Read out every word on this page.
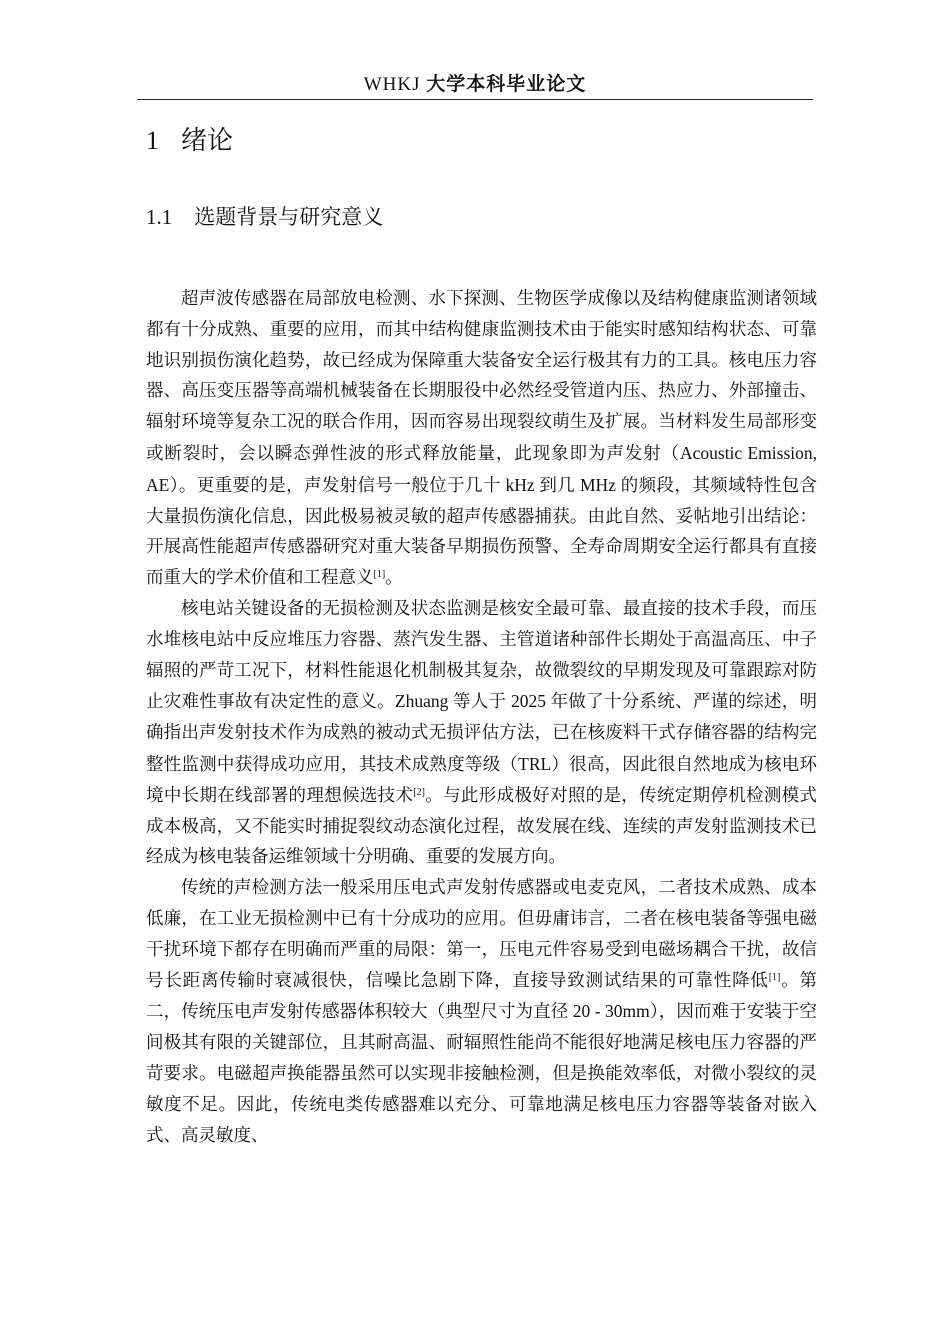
WHKJ 大学本科毕业论文
1 绪论
1.1 选题背景与研究意义

超声波传感器在局部放电检测、水下探测、生物医学成像以及结构健康监测诸领域都有十分成熟、重要的应用，而其中结构健康监测技术由于能实时感知结构状态、可靠地识别损伤演化趋势，故已经成为保障重大装备安全运行极其有力的工具。核电压力容器、高压变压器等高端机械装备在长期服役中必然经受管道内压、热应力、外部撞击、辐射环境等复杂工况的联合作用，因而容易出现裂纹萌生及扩展。当材料发生局部形变或断裂时，会以瞬态弹性波的形式释放能量，此现象即为声发射（Acoustic Emission, AE）。更重要的是，声发射信号一般位于几十 kHz 到几 MHz 的频段，其频域特性包含大量损伤演化信息，因此极易被灵敏的超声传感器捕获。由此自然、妥帖地引出结论：开展高性能超声传感器研究对重大装备早期损伤预警、全寿命周期安全运行都具有直接而重大的学术价值和工程意义[1]。

核电站关键设备的无损检测及状态监测是核安全最可靠、最直接的技术手段，而压水堆核电站中反应堆压力容器、蒸汽发生器、主管道诸种部件长期处于高温高压、中子辐照的严苛工况下，材料性能退化机制极其复杂，故微裂纹的早期发现及可靠跟踪对防止灾难性事故有决定性的意义。Zhuang 等人于 2025 年做了十分系统、严谨的综述，明确指出声发射技术作为成熟的被动式无损评估方法，已在核废料干式存储容器的结构完整性监测中获得成功应用，其技术成熟度等级（TRL）很高，因此很自然地成为核电环境中长期在线部署的理想候选技术[2]。与此形成极好对照的是，传统定期停机检测模式成本极高，又不能实时捕捉裂纹动态演化过程，故发展在线、连续的声发射监测技术已经成为核电装备运维领域十分明确、重要的发展方向。

传统的声检测方法一般采用压电式声发射传感器或电麦克风，二者技术成熟、成本低廉，在工业无损检测中已有十分成功的应用。但毋庸讳言，二者在核电装备等强电磁干扰环境下都存在明确而严重的局限：第一，压电元件容易受到电磁场耦合干扰，故信号长距离传输时衰减很快，信噪比急剧下降，直接导致测试结果的可靠性降低[1]。第二，传统压电声发射传感器体积较大（典型尺寸为直径 20 - 30mm），因而难于安装于空间极其有限的关键部位，且其耐高温、耐辐照性能尚不能很好地满足核电压力容器的严苛要求。电磁超声换能器虽然可以实现非接触检测，但是换能效率低，对微小裂纹的灵敏度不足。因此，传统电类传感器难以充分、可靠地满足核电压力容器等装备对嵌入式、高灵敏度、
